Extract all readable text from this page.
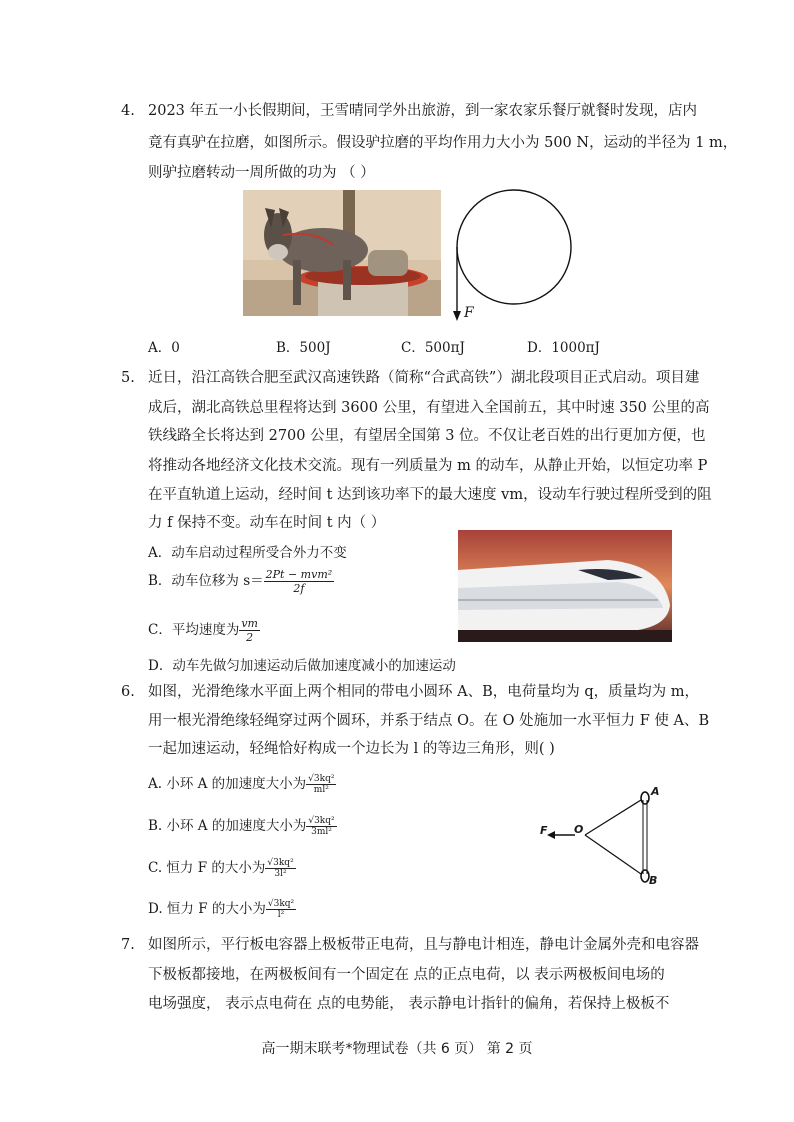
4. 2023 年五一小长假期间，王雪晴同学外出旅游，到一家农家乐餐厅就餐时发现，店内
竟有真驴在拉磨，如图所示。假设驴拉磨的平均作用力大小为 500 N，运动的半径为 1 m，
则驴拉磨转动一周所做的功为 （ ）
F
A．0	B．500J	C．500πJ	D．1000πJ
5. 近日，沿江高铁合肥至武汉高速铁路（简称“合武高铁”）湖北段项目正式启动。项目建
成后，湖北高铁总里程将达到 3600 公里，有望进入全国前五，其中时速 350 公里的高
铁线路全长将达到 2700 公里，有望居全国第 3 位。不仅让老百姓的出行更加方便，也
将推动各地经济文化技术交流。现有一列质量为 m 的动车，从静止开始，以恒定功率 P
在平直轨道上运动，经时间 t 达到该功率下的最大速度 vm，设动车行驶过程所受到的阻
力 f 保持不变。动车在时间 t 内（ ）
A．动车启动过程所受合外力不变
B．动车位移为 $s= \frac{\text{2Pt − mvm²}}{2f}$
C．平均速度为 $\frac{vm}{2}$
D．动车先做匀加速运动后做加速度减小的加速运动
6. 如图，光滑绝缘水平面上两个相同的带电小圆环 A、B，电荷量均为 q，质量均为 m，
用一根光滑绝缘轻绳穿过两个圆环，并系于结点 O。在 O 处施加一水平恒力 F 使 A、B
一起加速运动，轻绳恰好构成一个边长为 l 的等边三角形，则( )
A. 小环 A 的加速度大小为 $\frac{\text{√3kq²}}{\text{ml²}}$
B. 小环 A 的加速度大小为 $\frac{\text{√3kq²}}{\text{3ml²}}$
C. 恒力 F 的大小为 $\frac{\text{√3kq²}}{\text{3l²}}$
D. 恒力 F 的大小为 $\frac{\text{√3kq²}}{\text{l²}}$
F O
A
B
7. 如图所示，平行板电容器上极板带正电荷，且与静电计相连，静电计金属外壳和电容器
下极板都接地，在两极板间有一个固定在 点的正点电荷，以 表示两极板间电场的
电场强度， 表示点电荷在 点的电势能， 表示静电计指针的偏角，若保持上极板不
高一期末联考*物理试卷（共 6 页） 第 2 页
